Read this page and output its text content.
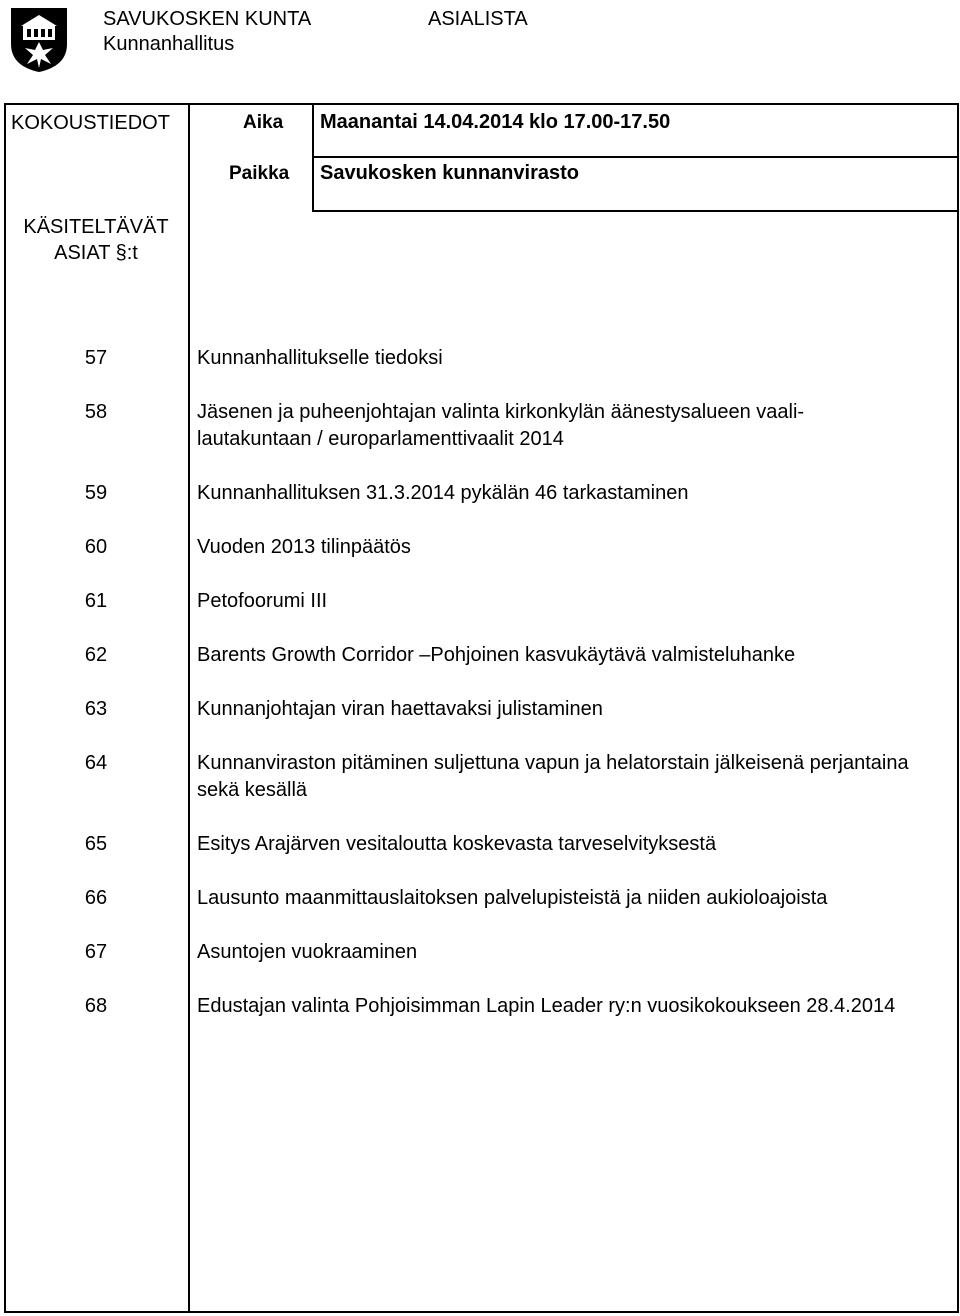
SAVUKOSKEN KUNTA
Kunnanhallitus
ASIALISTA
KOKOUSTIEDOT	Aika Maanantai 14.04.2014 klo 17.00-17.50
Paikka Savukosken kunnanvirasto
KÄSITELTÄVÄT
ASIAT §:t
57	Kunnanhallitukselle tiedoksi
58	Jäsenen ja puheenjohtajan valinta kirkonkylän äänestysalueen vaali-lautakuntaan / europarlamenttivaalit 2014
59	Kunnanhallituksen 31.3.2014 pykälän 46 tarkastaminen
60	Vuoden 2013 tilinpäätös
61	Petofoorumi III
62	Barents Growth Corridor –Pohjoinen kasvukäytävä valmisteluhanke
63	Kunnanjohtajan viran haettavaksi julistaminen
64	Kunnanviraston pitäminen suljettuna vapun ja helatorstain jälkeisenä perjantaina sekä kesällä
65	Esitys Arajärven vesitaloutta koskevasta tarveselvityksestä
66	Lausunto maanmittauslaitoksen palvelupisteistä ja niiden aukioloajoista
67	Asuntojen vuokraaminen
68	Edustajan valinta Pohjoisimman Lapin Leader ry:n vuosikokoukseen 28.4.2014
